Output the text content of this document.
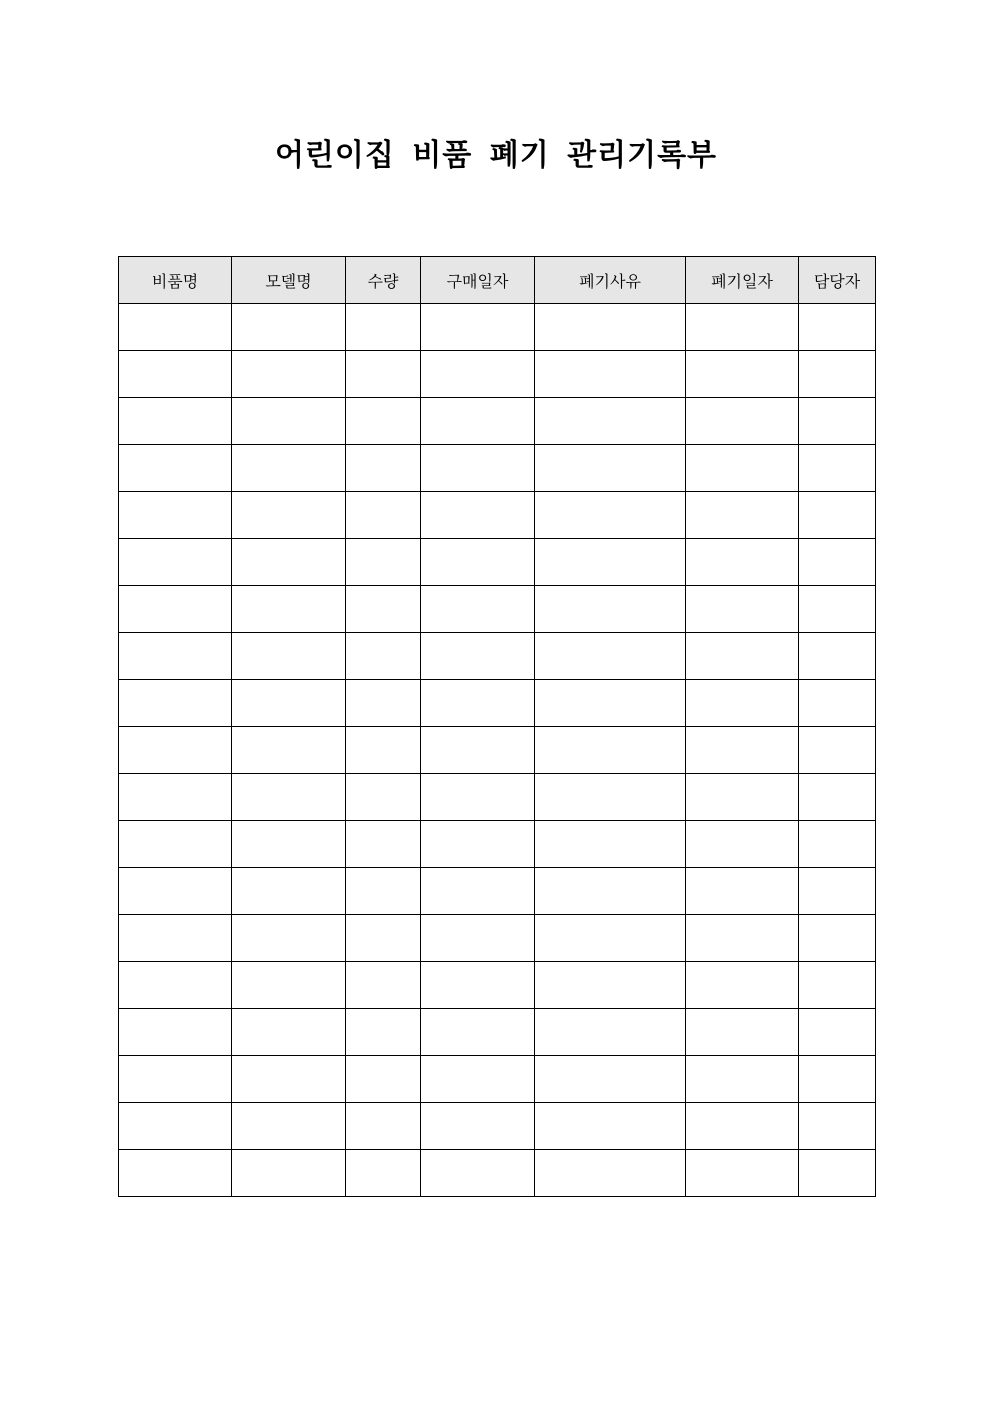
어린이집 비품 폐기 관리기록부
비품명	모델명	수량	구매일자	폐기사유	폐기일자	담당자
